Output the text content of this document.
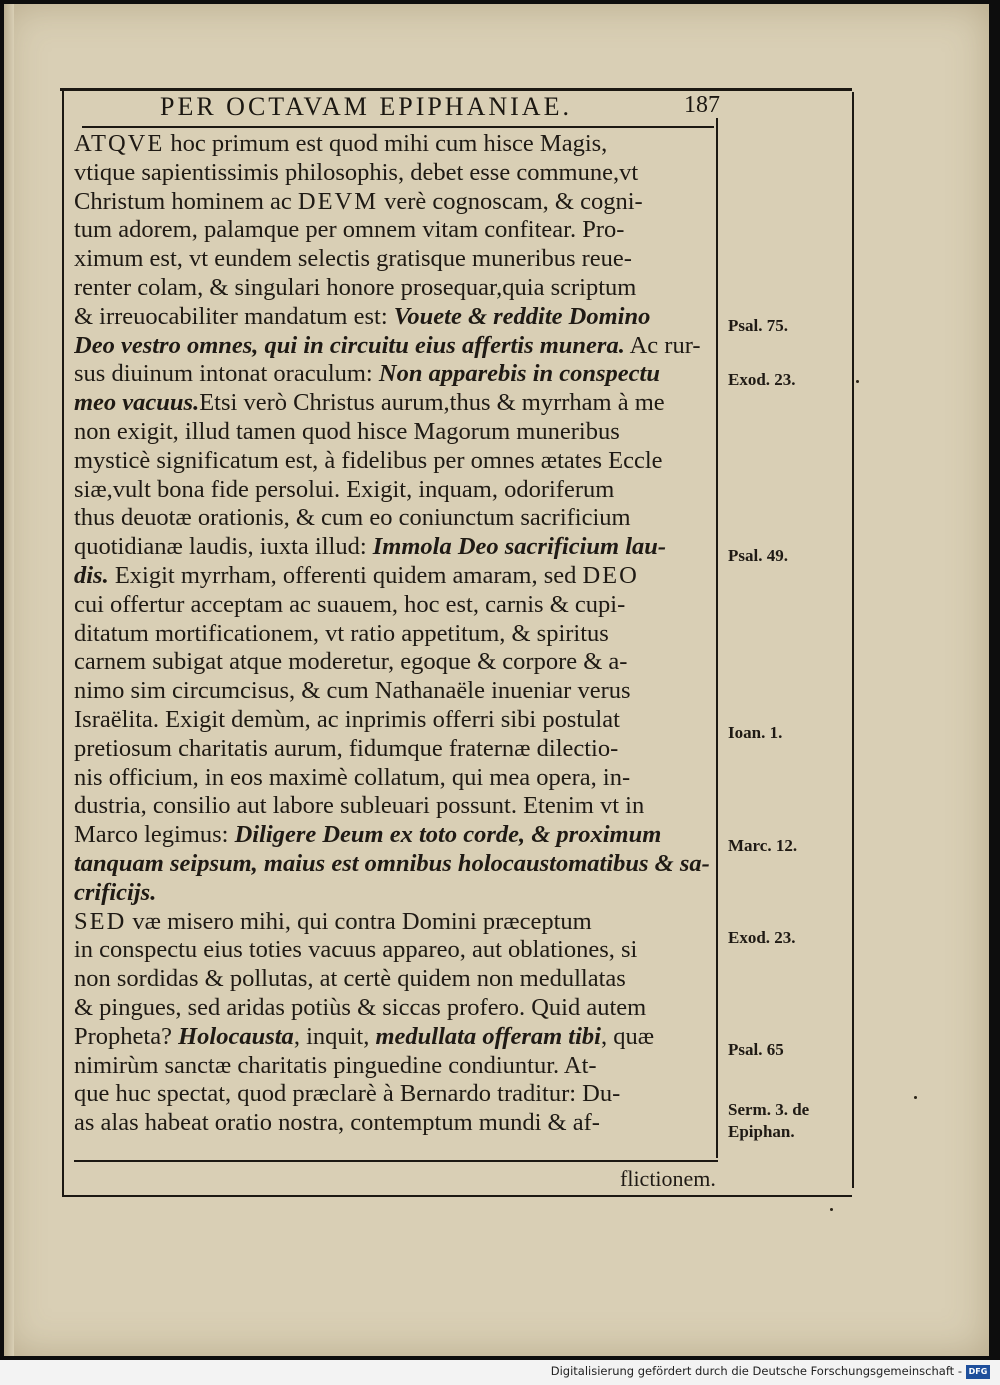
PER OCTAVAM EPIPHANIAE.	187
ATQVE hoc primum est quod mihi cum hisce Magis,
vtique sapientissimis philosophis, debet esse commune,vt
Christum hominem ac DEVM verè cognoscam, & cogni-
tum adorem, palamque per omnem vitam confitear. Pro-
ximum est, vt eundem selectis gratisque muneribus reue-
renter colam, & singulari honore prosequar,quia scriptum
& irreuocabiliter mandatum est: Vouete & reddite Domino
Deo vestro omnes, qui in circuitu eius affertis munera. Ac rur-
sus diuinum intonat oraculum: Non apparebis in conspectu
meo vacuus.Etsi verò Christus aurum,thus & myrrham à me
non exigit, illud tamen quod hisce Magorum muneribus
mysticè significatum est, à fidelibus per omnes ætates Eccle
siæ,vult bona fide persolui. Exigit, inquam, odoriferum
thus deuotæ orationis, & cum eo coniunctum sacrificium
quotidianæ laudis, iuxta illud: Immola Deo sacrificium lau-
dis. Exigit myrrham, offerenti quidem amaram, sed DEO
cui offertur acceptam ac suauem, hoc est, carnis & cupi-
ditatum mortificationem, vt ratio appetitum, & spiritus
carnem subigat atque moderetur, egoque & corpore & a-
nimo sim circumcisus, & cum Nathanaële inueniar verus
Israëlita. Exigit demùm, ac inprimis offerri sibi postulat
pretiosum charitatis aurum, fidumque fraternæ dilectio-
nis officium, in eos maximè collatum, qui mea opera, in-
dustria, consilio aut labore subleuari possunt. Etenim vt in
Marco legimus: Diligere Deum ex toto corde, & proximum
tanquam seipsum, maius est omnibus holocaustomatibus & sa-
crificijs.
SED væ misero mihi, qui contra Domini præceptum
in conspectu eius toties vacuus appareo, aut oblationes, si
non sordidas & pollutas, at certè quidem non medullatas
& pingues, sed aridas potiùs & siccas profero. Quid autem
Propheta? Holocausta, inquit, medullata offeram tibi, quæ
nimirùm sanctæ charitatis pinguedine condiuntur. At-
que huc spectat, quod præclarè à Bernardo traditur: Du-
as alas habeat oratio nostra, contemptum mundi & af-
flictionem.
Psal. 75.
Exod. 23.
Psal. 49.
Ioan. 1.
Marc. 12.
Exod. 23.
Psal. 65
Serm. 3. de
Epiphan.
Digitalisierung gefördert durch die Deutsche Forschungsgemeinschaft - DFG
